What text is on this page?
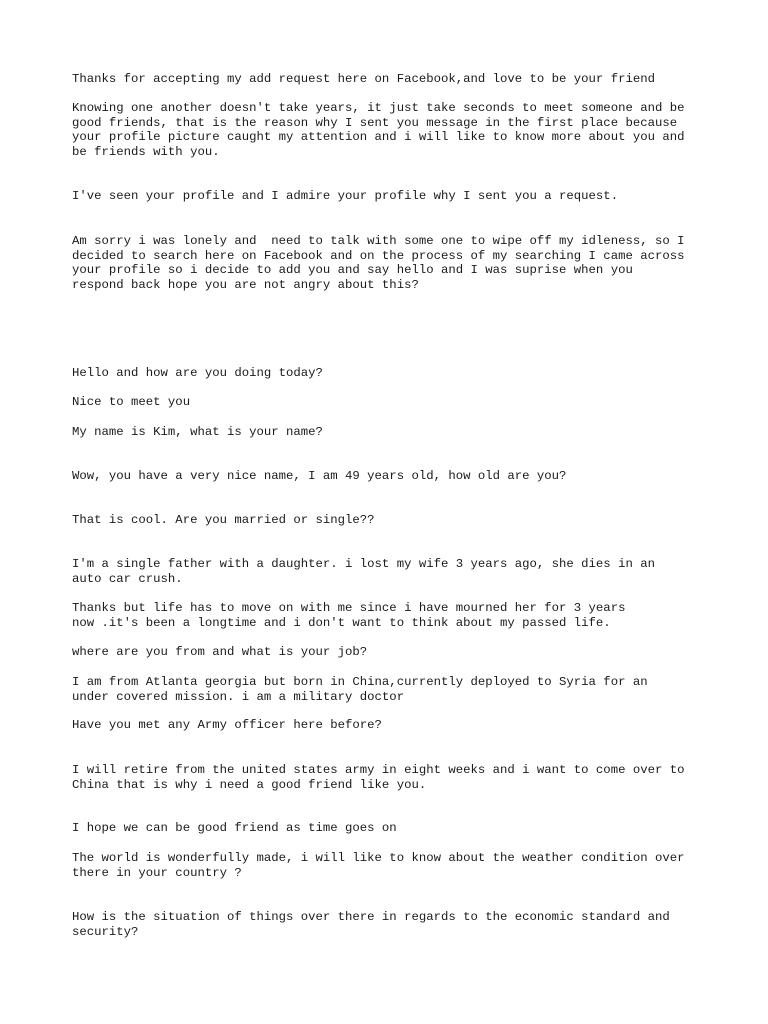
Thanks for accepting my add request here on Facebook,and love to be your friend

Knowing one another doesn't take years, it just take seconds to meet someone and be
good friends, that is the reason why I sent you message in the first place because
your profile picture caught my attention and i will like to know more about you and
be friends with you.

I've seen your profile and I admire your profile why I sent you a request.

Am sorry i was lonely and  need to talk with some one to wipe off my idleness, so I
decided to search here on Facebook and on the process of my searching I came across
your profile so i decide to add you and say hello and I was suprise when you
respond back hope you are not angry about this?

Hello and how are you doing today?

Nice to meet you

My name is Kim, what is your name?

Wow, you have a very nice name, I am 49 years old, how old are you?

That is cool. Are you married or single??

I'm a single father with a daughter. i lost my wife 3 years ago, she dies in an
auto car crush.

Thanks but life has to move on with me since i have mourned her for 3 years
now .it's been a longtime and i don't want to think about my passed life.

where are you from and what is your job?

I am from Atlanta georgia but born in China,currently deployed to Syria for an
under covered mission. i am a military doctor

Have you met any Army officer here before?

I will retire from the united states army in eight weeks and i want to come over to
China that is why i need a good friend like you.

I hope we can be good friend as time goes on

The world is wonderfully made, i will like to know about the weather condition over
there in your country ?

How is the situation of things over there in regards to the economic standard and
security?
